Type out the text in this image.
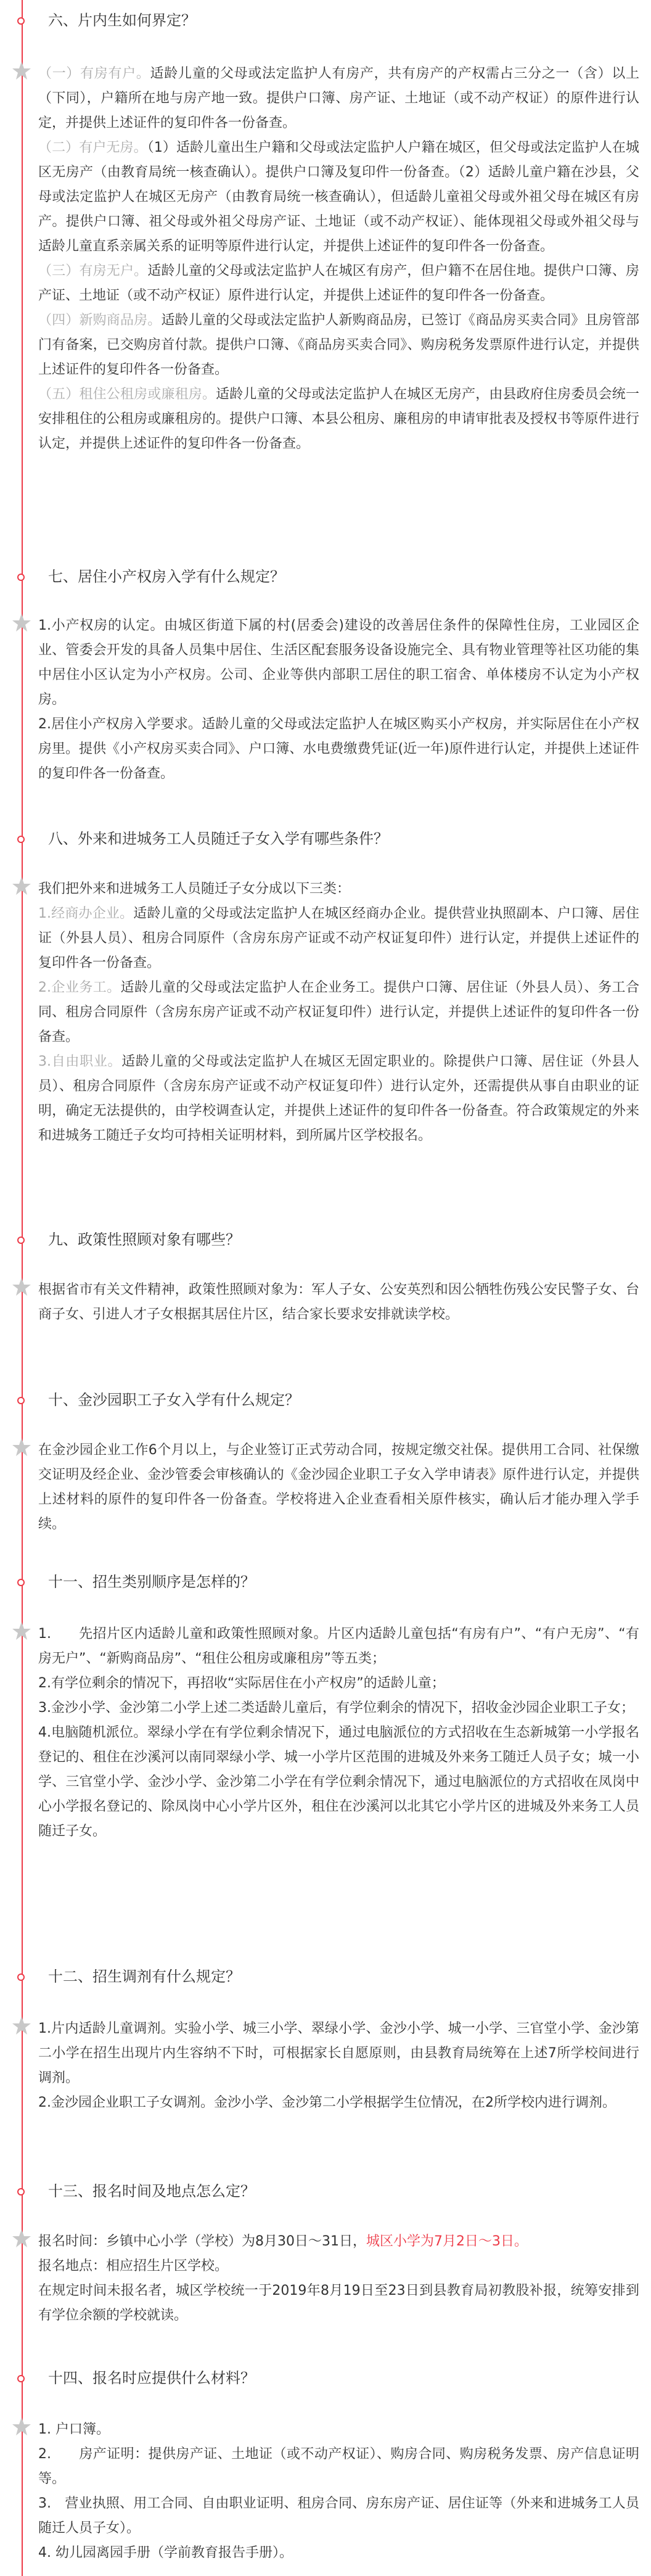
六、片内生如何界定？

（一）有房有户。适龄儿童的父母或法定监护人有房产，共有房产的产权需占三分之一（含）以上（下同），户籍所在地与房产地一致。提供户口簿、房产证、土地证（或不动产权证）的原件进行认定，并提供上述证件的复印件各一份备查。

（二）有户无房。（1）适龄儿童出生户籍和父母或法定监护人户籍在城区，但父母或法定监护人在城区无房产（由教育局统一核查确认）。提供户口簿及复印件一份备查。（2）适龄儿童户籍在沙县，父母或法定监护人在城区无房产（由教育局统一核查确认），但适龄儿童祖父母或外祖父母在城区有房产。提供户口簿、祖父母或外祖父母房产证、土地证（或不动产权证）、能体现祖父母或外祖父母与适龄儿童直系亲属关系的证明等原件进行认定，并提供上述证件的复印件各一份备查。

（三）有房无户。适龄儿童的父母或法定监护人在城区有房产，但户籍不在居住地。提供户口簿、房产证、土地证（或不动产权证）原件进行认定，并提供上述证件的复印件各一份备查。

（四）新购商品房。适龄儿童的父母或法定监护人新购商品房，已签订《商品房买卖合同》且房管部门有备案，已交购房首付款。提供户口簿、《商品房买卖合同》、购房税务发票原件进行认定，并提供上述证件的复印件各一份备查。

（五）租住公租房或廉租房。适龄儿童的父母或法定监护人在城区无房产，由县政府住房委员会统一安排租住的公租房或廉租房的。提供户口簿、本县公租房、廉租房的申请审批表及授权书等原件进行认定，并提供上述证件的复印件各一份备查。

七、居住小产权房入学有什么规定？

1.小产权房的认定。由城区街道下属的村(居委会)建设的改善居住条件的保障性住房，工业园区企业、管委会开发的具备人员集中居住、生活区配套服务设备设施完全、具有物业管理等社区功能的集中居住小区认定为小产权房。公司、企业等供内部职工居住的职工宿舍、单体楼房不认定为小产权房。

2.居住小产权房入学要求。适龄儿童的父母或法定监护人在城区购买小产权房，并实际居住在小产权房里。提供《小产权房买卖合同》、户口簿、水电费缴费凭证(近一年)原件进行认定，并提供上述证件的复印件各一份备查。

八、外来和进城务工人员随迁子女入学有哪些条件？

我们把外来和进城务工人员随迁子女分成以下三类：

1.经商办企业。适龄儿童的父母或法定监护人在城区经商办企业。提供营业执照副本、户口簿、居住证（外县人员）、租房合同原件（含房东房产证或不动产权证复印件）进行认定，并提供上述证件的复印件各一份备查。

2.企业务工。适龄儿童的父母或法定监护人在企业务工。提供户口簿、居住证（外县人员）、务工合同、租房合同原件（含房东房产证或不动产权证复印件）进行认定，并提供上述证件的复印件各一份备查。

3.自由职业。适龄儿童的父母或法定监护人在城区无固定职业的。除提供户口簿、居住证（外县人员）、租房合同原件（含房东房产证或不动产权证复印件）进行认定外，还需提供从事自由职业的证明，确定无法提供的，由学校调查认定，并提供上述证件的复印件各一份备查。符合政策规定的外来和进城务工随迁子女均可持相关证明材料，到所属片区学校报名。

九、政策性照顾对象有哪些？

根据省市有关文件精神，政策性照顾对象为：军人子女、公安英烈和因公牺牲伤残公安民警子女、台商子女、引进人才子女根据其居住片区，结合家长要求安排就读学校。

十、金沙园职工子女入学有什么规定？

在金沙园企业工作6个月以上，与企业签订正式劳动合同，按规定缴交社保。提供用工合同、社保缴交证明及经企业、金沙管委会审核确认的《金沙园企业职工子女入学申请表》原件进行认定，并提供上述材料的原件的复印件各一份备查。学校将进入企业查看相关原件核实，确认后才能办理入学手续。

十一、招生类别顺序是怎样的？

1.　　先招片区内适龄儿童和政策性照顾对象。片区内适龄儿童包括“有房有户”、“有户无房”、“有房无户”、“新购商品房”、“租住公租房或廉租房”等五类；

2.有学位剩余的情况下，再招收“实际居住在小产权房”的适龄儿童；

3.金沙小学、金沙第二小学上述二类适龄儿童后，有学位剩余的情况下，招收金沙园企业职工子女；

4.电脑随机派位。翠绿小学在有学位剩余情况下，通过电脑派位的方式招收在生态新城第一小学报名登记的、租住在沙溪河以南同翠绿小学、城一小学片区范围的进城及外来务工随迁人员子女；城一小学、三官堂小学、金沙小学、金沙第二小学在有学位剩余情况下，通过电脑派位的方式招收在凤岗中心小学报名登记的、除凤岗中心小学片区外，租住在沙溪河以北其它小学片区的进城及外来务工人员随迁子女。

十二、招生调剂有什么规定？

1.片内适龄儿童调剂。实验小学、城三小学、翠绿小学、金沙小学、城一小学、三官堂小学、金沙第二小学在招生出现片内生容纳不下时，可根据家长自愿原则，由县教育局统筹在上述7所学校间进行调剂。

2.金沙园企业职工子女调剂。金沙小学、金沙第二小学根据学生位情况，在2所学校内进行调剂。

十三、报名时间及地点怎么定？

报名时间：乡镇中心小学（学校）为8月30日～31日，城区小学为7月2日～3日。

报名地点：相应招生片区学校。

在规定时间未报名者，城区学校统一于2019年8月19日至23日到县教育局初教股补报，统筹安排到有学位余额的学校就读。

十四、报名时应提供什么材料？

1. 户口簿。

2.　　房产证明：提供房产证、土地证（或不动产权证）、购房合同、购房税务发票、房产信息证明等。

3.　营业执照、用工合同、自由职业证明、租房合同、房东房产证、居住证等（外来和进城务工人员随迁人员子女）。

4. 幼儿园离园手册（学前教育报告手册）。
